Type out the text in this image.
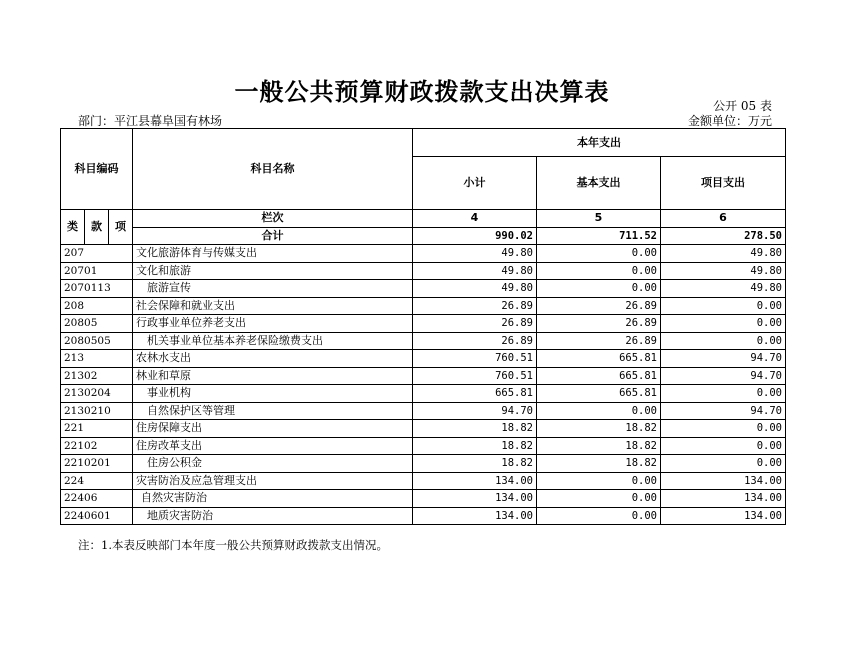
一般公共预算财政拨款支出决算表	公开 05 表
部门：平江县幕阜国有林场	金额单位：万元
科目编码			科目名称	本年支出		
				小计	基本支出	项目支出

类	款	项	栏次	4	5	6
			合计	990.02	711.52	278.50
207			文化旅游体育与传媒支出	49.80	0.00	49.80
20701			文化和旅游	49.80	0.00	49.80
2070113			旅游宣传	49.80	0.00	49.80
208			社会保障和就业支出	26.89	26.89	0.00
20805			行政事业单位养老支出	26.89	26.89	0.00
2080505			机关事业单位基本养老保险缴费支出	26.89	26.89	0.00
213			农林水支出	760.51	665.81	94.70
21302			林业和草原	760.51	665.81	94.70
2130204			事业机构	665.81	665.81	0.00
2130210			自然保护区等管理	94.70	0.00	94.70
221			住房保障支出	18.82	18.82	0.00
22102			住房改革支出	18.82	18.82	0.00
2210201			住房公积金	18.82	18.82	0.00
224			灾害防治及应急管理支出	134.00	0.00	134.00
22406			自然灾害防治	134.00	0.00	134.00
2240601			地质灾害防治	134.00	0.00	134.00
注：1.本表反映部门本年度一般公共预算财政拨款支出情况。
